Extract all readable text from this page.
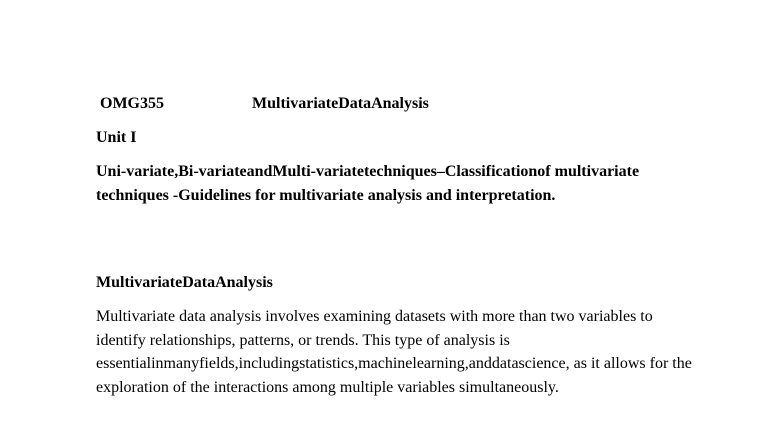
OMG355	MultivariateDataAnalysis
Unit I
Uni-variate,Bi-variateandMulti-variatetechniques–Classificationof multivariate techniques -Guidelines for multivariate analysis and interpretation.
MultivariateDataAnalysis
Multivariate data analysis involves examining datasets with more than two variables to identify relationships, patterns, or trends. This type of analysis is essentialinmanyfields,includingstatistics,machinelearning,anddatascience, as it allows for the exploration of the interactions among multiple variables simultaneously.
